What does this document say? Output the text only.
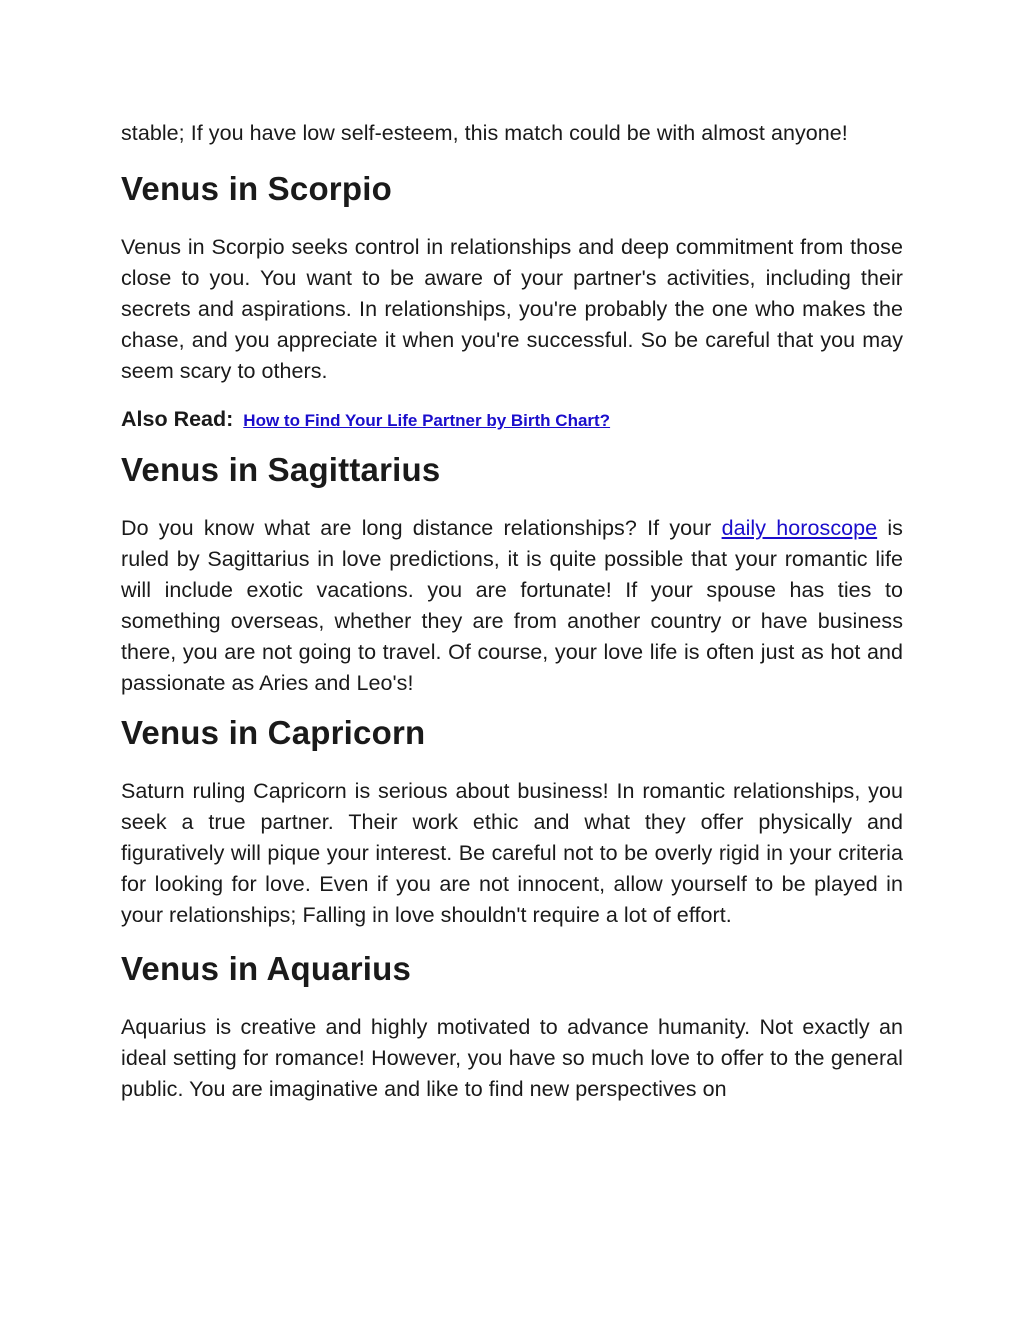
stable; If you have low self-esteem, this match could be with almost anyone!

Venus in Scorpio

Venus in Scorpio seeks control in relationships and deep commitment from those close to you. You want to be aware of your partner's activities, including their secrets and aspirations. In relationships, you're probably the one who makes the chase, and you appreciate it when you're successful. So be careful that you may seem scary to others.

Also Read: How to Find Your Life Partner by Birth Chart?
Venus in Sagittarius

Do you know what are long distance relationships? If your daily horoscope is ruled by Sagittarius in love predictions, it is quite possible that your romantic life will include exotic vacations. you are fortunate! If your spouse has ties to something overseas, whether they are from another country or have business there, you are not going to travel. Of course, your love life is often just as hot and passionate as Aries and Leo's!

Venus in Capricorn

Saturn ruling Capricorn is serious about business! In romantic relationships, you seek a true partner. Their work ethic and what they offer physically and figuratively will pique your interest. Be careful not to be overly rigid in your criteria for looking for love. Even if you are not innocent, allow yourself to be played in your relationships; Falling in love shouldn't require a lot of effort.

Venus in Aquarius

Aquarius is creative and highly motivated to advance humanity. Not exactly an ideal setting for romance! However, you have so much love to offer to the general public. You are imaginative and like to find new perspectives on
